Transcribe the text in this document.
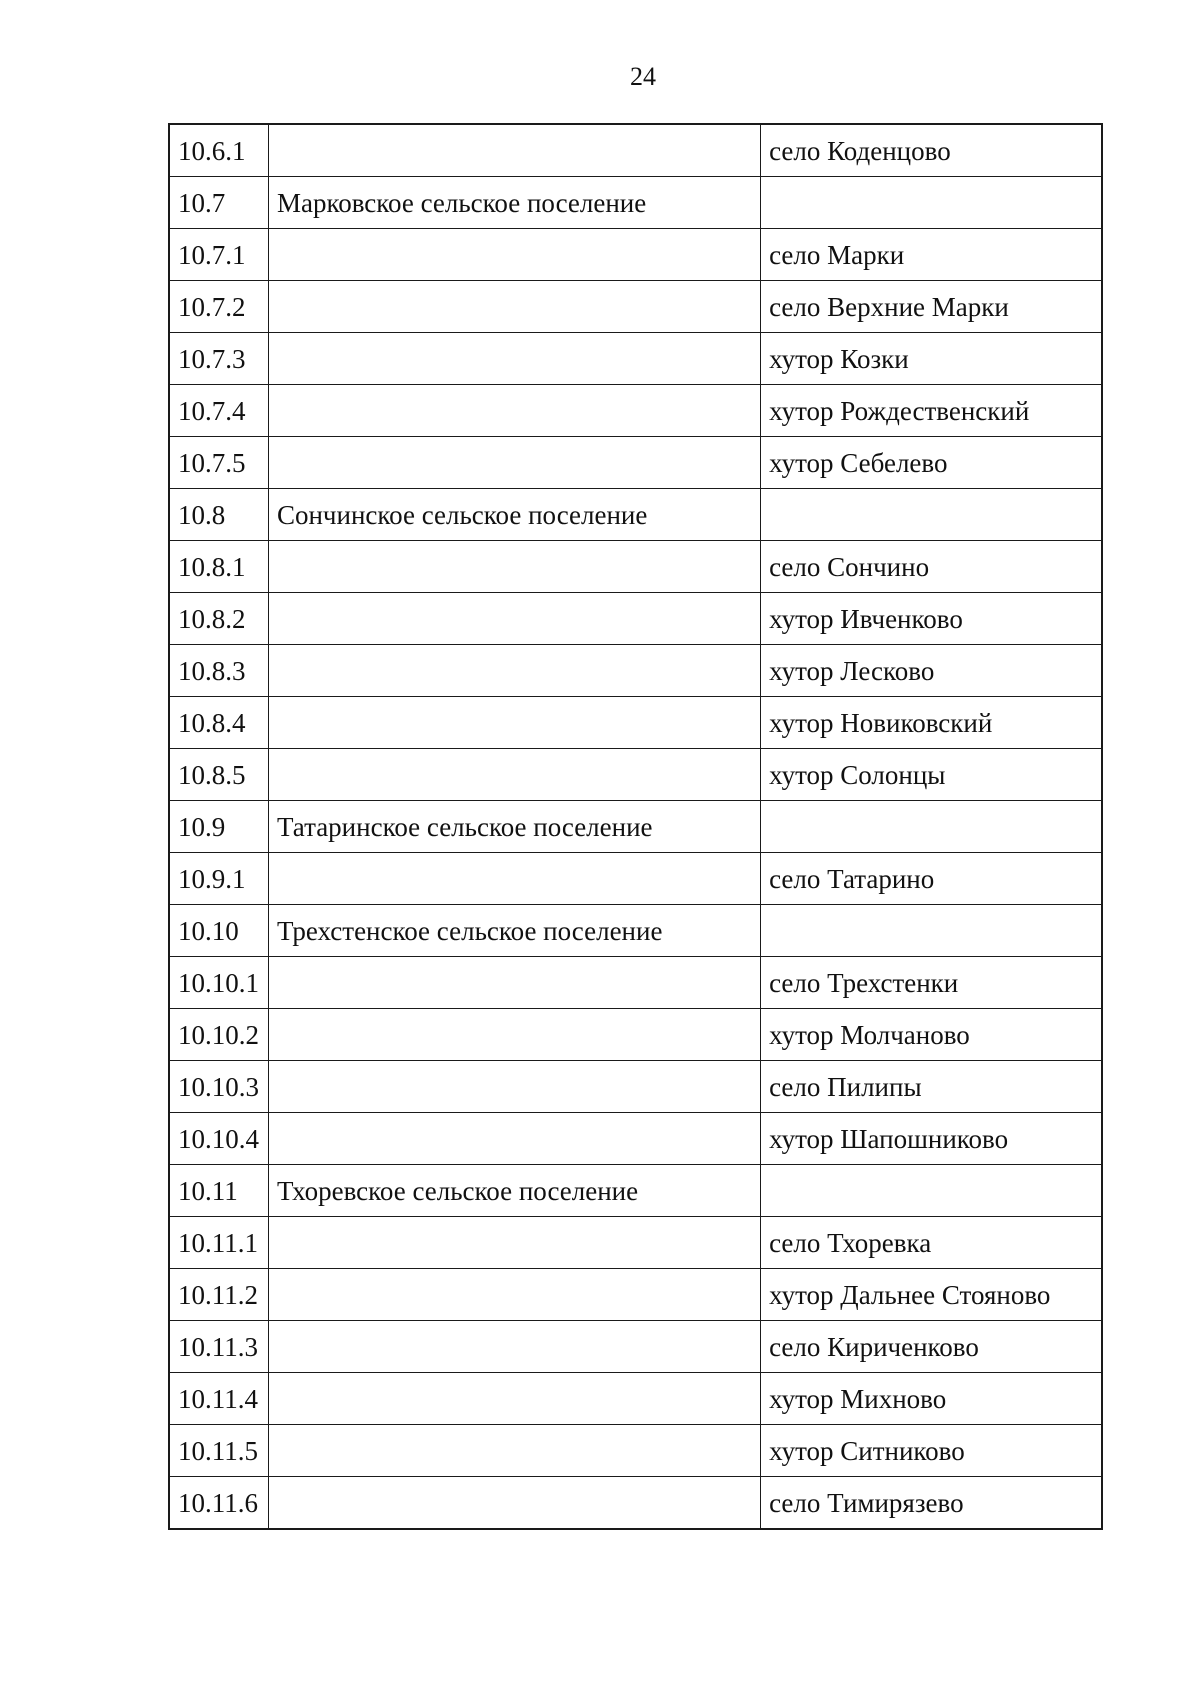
24
10.6.1		село Коденцово
10.7	Марковское сельское поселение	
10.7.1		село Марки
10.7.2		село Верхние Марки
10.7.3		хутор Козки
10.7.4		хутор Рождественский
10.7.5		хутор Себелево
10.8	Сончинское сельское поселение	
10.8.1		село Сончино
10.8.2		хутор Ивченково
10.8.3		хутор Лесково
10.8.4		хутор Новиковский
10.8.5		хутор Солонцы
10.9	Татаринское сельское поселение	
10.9.1		село Татарино
10.10	Трехстенское сельское поселение	
10.10.1		село Трехстенки
10.10.2		хутор Молчаново
10.10.3		село Пилипы
10.10.4		хутор Шапошниково
10.11	Тхоревское сельское поселение	
10.11.1		село Тхоревка
10.11.2		хутор Дальнее Стояново
10.11.3		село Кириченково
10.11.4		хутор Михново
10.11.5		хутор Ситниково
10.11.6		село Тимирязево
